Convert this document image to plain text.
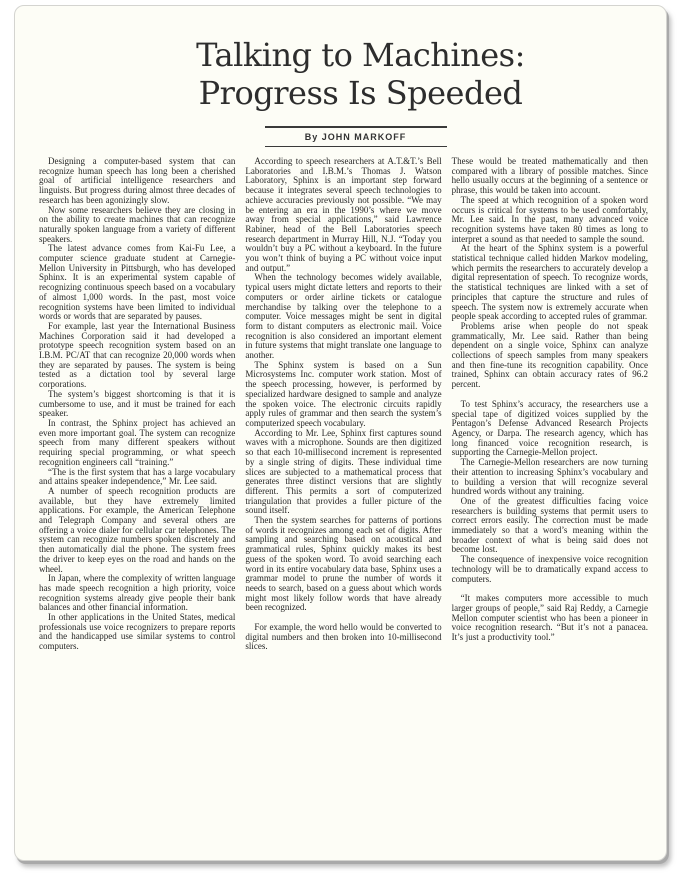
Talking to Machines:
Progress Is Speeded
By JOHN MARKOFF

Designing a computer-based system that can recognize human speech has long been a cherished goal of artificial intelligence researchers and linguists. But progress during almost three decades of research has been agonizingly slow.

Now some researchers believe they are closing in on the ability to create machines that can recognize naturally spoken language from a variety of different speakers.

The latest advance comes from Kai-Fu Lee, a computer science graduate student at Carnegie-Mellon University in Pittsburgh, who has developed Sphinx. It is an experimental system capable of recognizing continuous speech based on a vocabulary of almost 1,000 words. In the past, most voice recognition systems have been limited to individual words or words that are separated by pauses.

For example, last year the International Business Machines Corporation said it had developed a prototype speech recognition system based on an I.B.M. PC/AT that can recognize 20,000 words when they are separated by pauses. The system is being tested as a dictation tool by several large corporations.

The system’s biggest shortcoming is that it is cumbersome to use, and it must be trained for each speaker.

In contrast, the Sphinx project has achieved an even more important goal. The system can recognize speech from many different speakers without requiring special programming, or what speech recognition engineers call “training.”

“The is the first system that has a large vocabulary and attains speaker independence,” Mr. Lee said.

A number of speech recognition products are available, but they have extremely limited applications. For example, the American Telephone and Telegraph Company and several others are offering a voice dialer for cellular car telephones. The system can recognize numbers spoken discretely and then automatically dial the phone. The system frees the driver to keep eyes on the road and hands on the wheel.

In Japan, where the complexity of written language has made speech recognition a high priority, voice recognition systems already give people their bank balances and other financial information.

In other applications in the United States, medical professionals use voice recognizers to prepare reports and the handicapped use similar systems to control computers.

According to speech researchers at A.T.&T.’s Bell Laboratories and I.B.M.’s Thomas J. Watson Laboratory, Sphinx is an important step forward because it integrates several speech technologies to achieve accuracies previously not possible. “We may be entering an era in the 1990’s where we move away from special applications,” said Lawrence Rabiner, head of the Bell Laboratories speech research department in Murray Hill, N.J. “Today you wouldn’t buy a PC without a keyboard. In the future you won’t think of buying a PC without voice input and output.”

When the technology becomes widely available, typical users might dictate letters and reports to their computers or order airline tickets or catalogue merchandise by talking over the telephone to a computer. Voice messages might be sent in digital form to distant computers as electronic mail. Voice recognition is also considered an important element in future systems that might translate one language to another.

The Sphinx system is based on a Sun Microsystems Inc. computer work station. Most of the speech processing, however, is performed by specialized hardware designed to sample and analyze the spoken voice. The electronic circuits rapidly apply rules of grammar and then search the system’s computerized speech vocabulary.

According to Mr. Lee, Sphinx first captures sound waves with a microphone. Sounds are then digitized so that each 10-millisecond increment is represented by a single string of digits. These individual time slices are subjected to a mathematical process that generates three distinct versions that are slightly different. This permits a sort of computerized triangulation that provides a fuller picture of the sound itself.

Then the system searches for patterns of portions of words it recognizes among each set of digits. After sampling and searching based on acoustical and grammatical rules, Sphinx quickly makes its best guess of the spoken word. To avoid searching each word in its entire vocabulary data base, Sphinx uses a grammar model to prune the number of words it needs to search, based on a guess about which words might most likely follow words that have already been recognized.

For example, the word hello would be converted to digital numbers and then broken into 10-millisecond slices.

These would be treated mathematically and then compared with a library of possible matches. Since hello usually occurs at the beginning of a sentence or phrase, this would be taken into account.

The speed at which recognition of a spoken word occurs is critical for systems to be used comfortably, Mr. Lee said. In the past, many advanced voice recognition systems have taken 80 times as long to interpret a sound as that needed to sample the sound.

At the heart of the Sphinx system is a powerful statistical technique called hidden Markov modeling, which permits the researchers to accurately develop a digital representation of speech. To recognize words, the statistical techniques are linked with a set of principles that capture the structure and rules of speech. The system now is extremely accurate when people speak according to accepted rules of grammar.

Problems arise when people do not speak grammatically, Mr. Lee said. Rather than being dependent on a single voice, Sphinx can analyze collections of speech samples from many speakers and then fine-tune its recognition capability. Once trained, Sphinx can obtain accuracy rates of 96.2 percent.

To test Sphinx’s accuracy, the researchers use a special tape of digitized voices supplied by the Pentagon’s Defense Advanced Research Projects Agency, or Darpa. The research agency, which has long financed voice recognition research, is supporting the Carnegie-Mellon project.

The Carnegie-Mellon researchers are now turning their attention to increasing Sphinx’s vocabulary and to building a version that will recognize several hundred words without any training.

One of the greatest difficulties facing voice researchers is building systems that permit users to correct errors easily. The correction must be made immediately so that a word’s meaning within the broader context of what is being said does not become lost.

The consequence of inexpensive voice recognition technology will be to dramatically expand access to computers.

“It makes computers more accessible to much larger groups of people,” said Raj Reddy, a Carnegie Mellon computer scientist who has been a pioneer in voice recognition research. “But it’s not a panacea. It’s just a productivity tool.”
